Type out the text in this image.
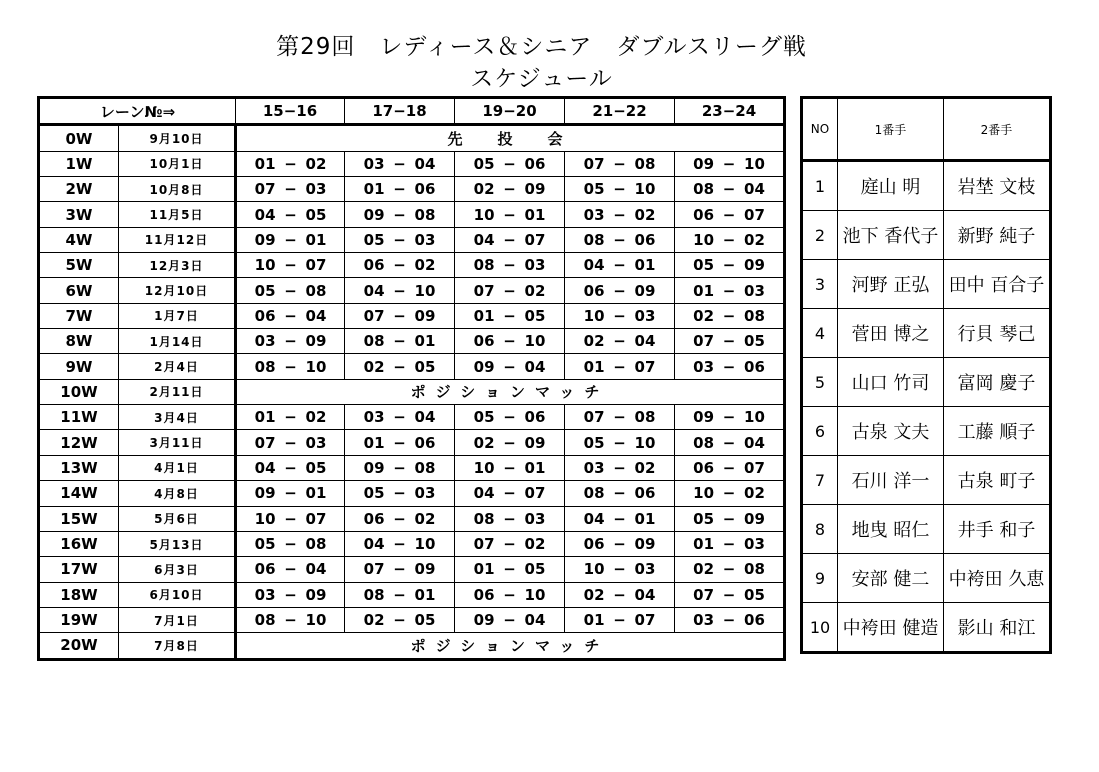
第29回　レディース＆シニア　ダブルスリーグ戦
スケジュール
レーン№⇒		15−16	17−18	19−20	21−22	23−24
0W	9月10日	先　投　会				
1W	10月1日	01 − 02	03 − 04	05 − 06	07 − 08	09 − 10
2W	10月8日	07 − 03	01 − 06	02 − 09	05 − 10	08 − 04
3W	11月5日	04 − 05	09 − 08	10 − 01	03 − 02	06 − 07
4W	11月12日	09 − 01	05 − 03	04 − 07	08 − 06	10 − 02
5W	12月3日	10 − 07	06 − 02	08 − 03	04 − 01	05 − 09
6W	12月10日	05 − 08	04 − 10	07 − 02	06 − 09	01 − 03
7W	1月7日	06 − 04	07 − 09	01 − 05	10 − 03	02 − 08
8W	1月14日	03 − 09	08 − 01	06 − 10	02 − 04	07 − 05
9W	2月4日	08 − 10	02 − 05	09 − 04	01 − 07	03 − 06
10W	2月11日	ポジションマッチ				
11W	3月4日	01 − 02	03 − 04	05 − 06	07 − 08	09 − 10
12W	3月11日	07 − 03	01 − 06	02 − 09	05 − 10	08 − 04
13W	4月1日	04 − 05	09 − 08	10 − 01	03 − 02	06 − 07
14W	4月8日	09 − 01	05 − 03	04 − 07	08 − 06	10 − 02
15W	5月6日	10 − 07	06 − 02	08 − 03	04 − 01	05 − 09
16W	5月13日	05 − 08	04 − 10	07 − 02	06 − 09	01 − 03
17W	6月3日	06 − 04	07 − 09	01 − 05	10 − 03	02 − 08
18W	6月10日	03 − 09	08 − 01	06 − 10	02 − 04	07 − 05
19W	7月1日	08 − 10	02 − 05	09 − 04	01 − 07	03 − 06
20W	7月8日	ポジションマッチ				
NO	1番手	2番手
1	庭山 明	岩埜 文枝
2	池下 香代子	新野 純子
3	河野 正弘	田中 百合子
4	菅田 博之	行貝 琴己
5	山口 竹司	富岡 慶子
6	古泉 文夫	工藤 順子
7	石川 洋一	古泉 町子
8	地曳 昭仁	井手 和子
9	安部 健二	中袴田 久恵
10	中袴田 健造	影山 和江
